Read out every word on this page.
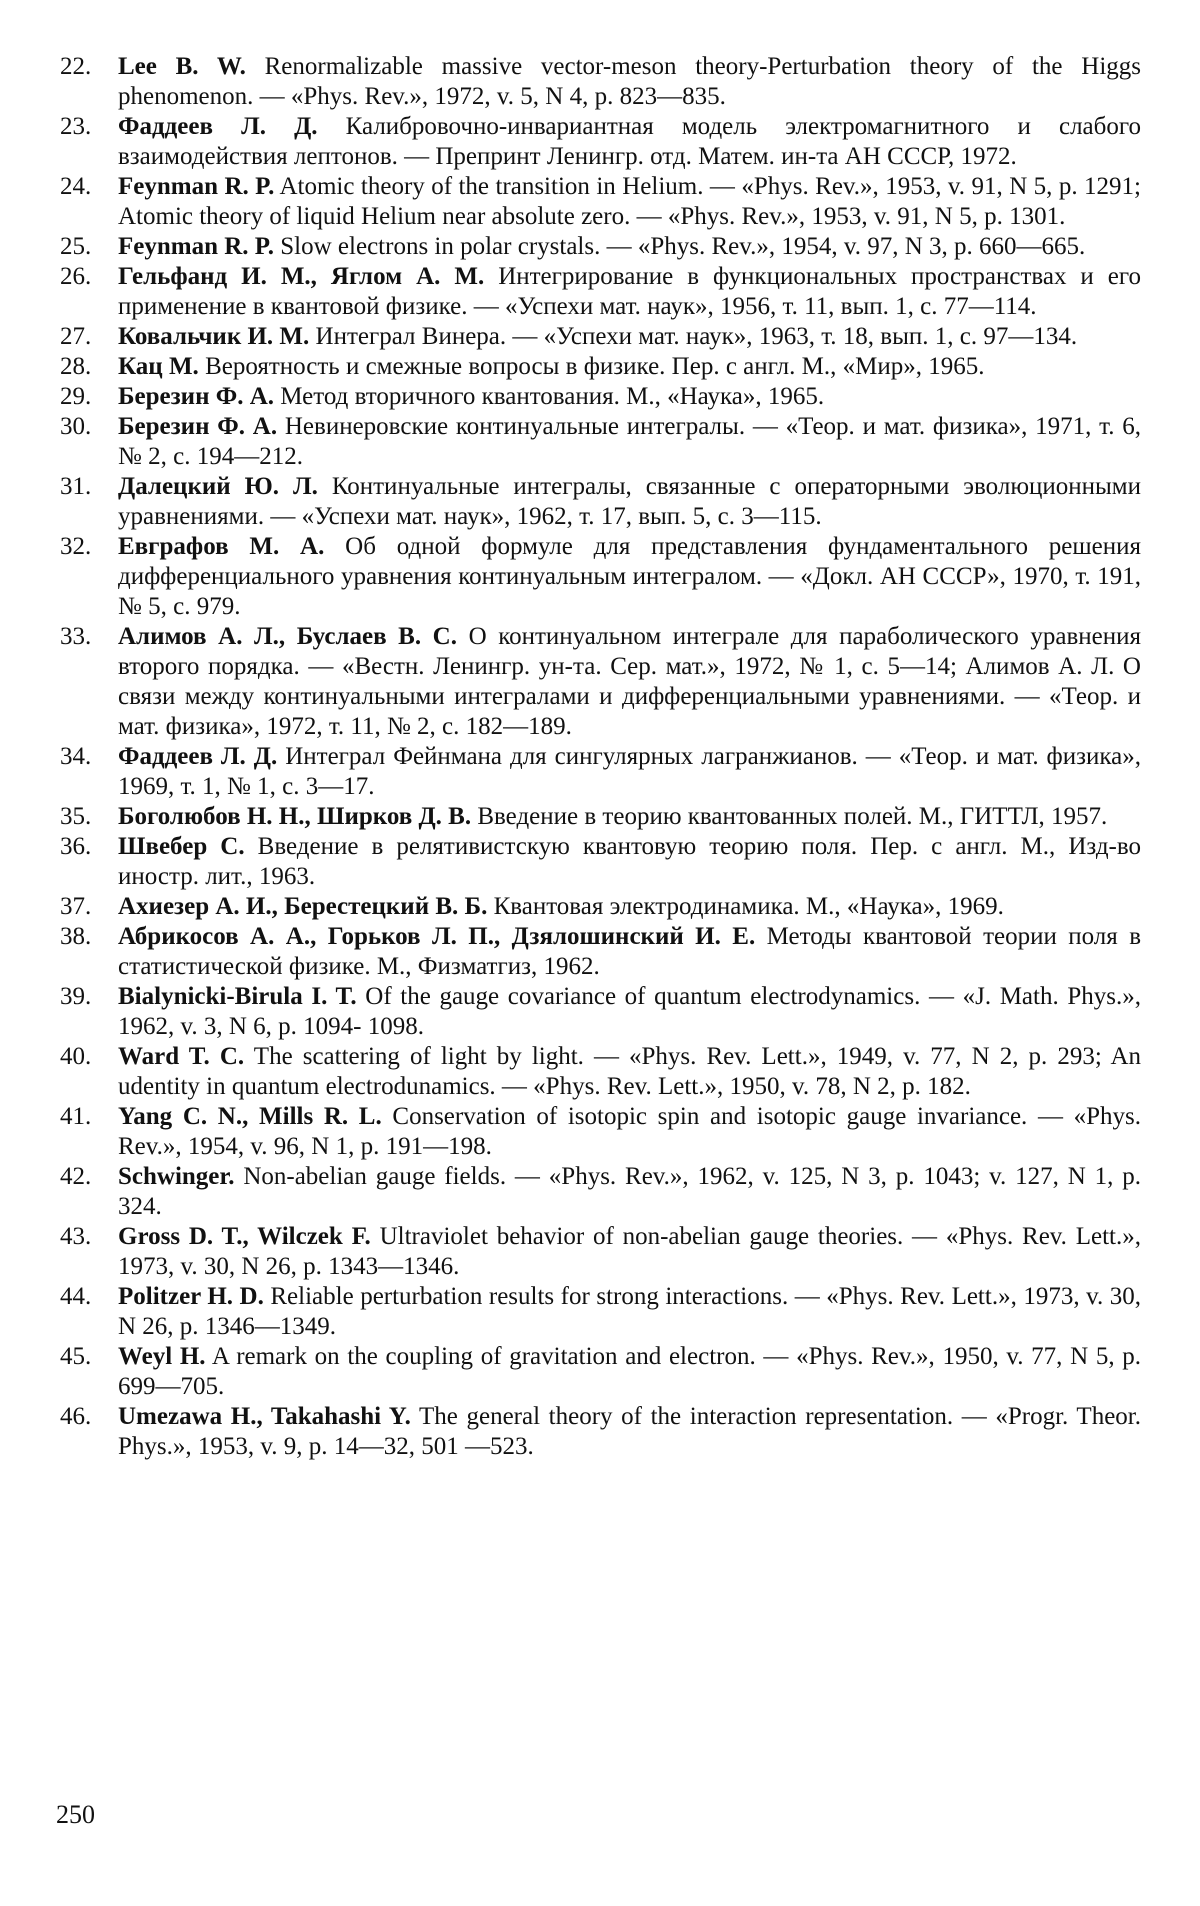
22.	Lee B. W. Renormalizable massive vector-meson theory-Perturbation theory of the Higgs phenomenon. — «Phys. Rev.», 1972, v. 5, N 4, p. 823—835.
23.	Фаддеев Л. Д. Калибровочно-инвариантная модель электромагнитного и слабого взаимодействия лептонов. — Препринт Ленингр. отд. Матем. ин-та АН СССР, 1972.
24.	Feynman R. P. Atomic theory of the transition in Helium. — «Phys. Rev.», 1953, v. 91, N 5, p. 1291; Atomic theory of liquid Helium near absolute zero. — «Phys. Rev.», 1953, v. 91, N 5, p. 1301.
25.	Feynman R. P. Slow electrons in polar crystals. — «Phys. Rev.», 1954, v. 97, N 3, p. 660—665.
26.	Гельфанд И. М., Яглом А. М. Интегрирование в функциональных пространствах и его применение в квантовой физике. — «Успехи мат. наук», 1956, т. 11, вып. 1, с. 77—114.
27.	Ковальчик И. М. Интеграл Винера. — «Успехи мат. наук», 1963, т. 18, вып. 1, с. 97—134.
28.	Кац М. Вероятность и смежные вопросы в физике. Пер. с англ. М., «Мир», 1965.
29.	Березин Ф. А. Метод вторичного квантования. М., «Наука», 1965.
30.	Березин Ф. А. Невинеровские континуальные интегралы. — «Теор. и мат. физика», 1971, т. 6, № 2, с. 194—212.
31.	Далецкий Ю. Л. Континуальные интегралы, связанные с операторными эволюционными уравнениями. — «Успехи мат. наук», 1962, т. 17, вып. 5, с. 3—115.
32.	Евграфов М. А. Об одной формуле для представления фундаментального решения дифференциального уравнения континуальным интегралом. — «Докл. АН СССР», 1970, т. 191, № 5, с. 979.
33.	Алимов А. Л., Буслаев В. С. О континуальном интеграле для параболического уравнения второго порядка. — «Вестн. Ленингр. ун-та. Сер. мат.», 1972, № 1, с. 5—14; Алимов А. Л. О связи между континуальными интегралами и дифференциальными уравнениями. — «Теор. и мат. физика», 1972, т. 11, № 2, с. 182—189.
34.	Фаддеев Л. Д. Интеграл Фейнмана для сингулярных лагранжианов. — «Теор. и мат. физика», 1969, т. 1, № 1, с. 3—17.
35.	Боголюбов Н. Н., Ширков Д. В. Введение в теорию квантованных полей. М., ГИТТЛ, 1957.
36.	Швебер С. Введение в релятивистскую квантовую теорию поля. Пер. с англ. М., Изд-во иностр. лит., 1963.
37.	Ахиезер А. И., Берестецкий В. Б. Квантовая электродинамика. М., «Наука», 1969.
38.	Абрикосов А. А., Горьков Л. П., Дзялошинский И. Е. Методы квантовой теории поля в статистической физике. М., Физматгиз, 1962.
39.	Bialynicki-Birula I. T. Of the gauge covariance of quantum electrodynamics. — «J. Math. Phys.», 1962, v. 3, N 6, p. 1094- 1098.
40.	Ward T. C. The scattering of light by light. — «Phys. Rev. Lett.», 1949, v. 77, N 2, p. 293; An udentity in quantum electrodunamics. — «Phys. Rev. Lett.», 1950, v. 78, N 2, p. 182.
41.	Yang C. N., Mills R. L. Conservation of isotopic spin and isotopic gauge invariance. — «Phys. Rev.», 1954, v. 96, N 1, p. 191—198.
42.	Schwinger. Non-abelian gauge fields. — «Phys. Rev.», 1962, v. 125, N 3, p. 1043; v. 127, N 1, p. 324.
43.	Gross D. T., Wilczek F. Ultraviolet behavior of non-abelian gauge theories. — «Phys. Rev. Lett.», 1973, v. 30, N 26, p. 1343—1346.
44.	Politzer H. D. Reliable perturbation results for strong interactions. — «Phys. Rev. Lett.», 1973, v. 30, N 26, p. 1346—1349.
45.	Weyl H. A remark on the coupling of gravitation and electron. — «Phys. Rev.», 1950, v. 77, N 5, p. 699—705.
46.	Umezawa H., Takahashi Y. The general theory of the interaction representation. — «Progr. Theor. Phys.», 1953, v. 9, p. 14—32, 501 —523.
250
